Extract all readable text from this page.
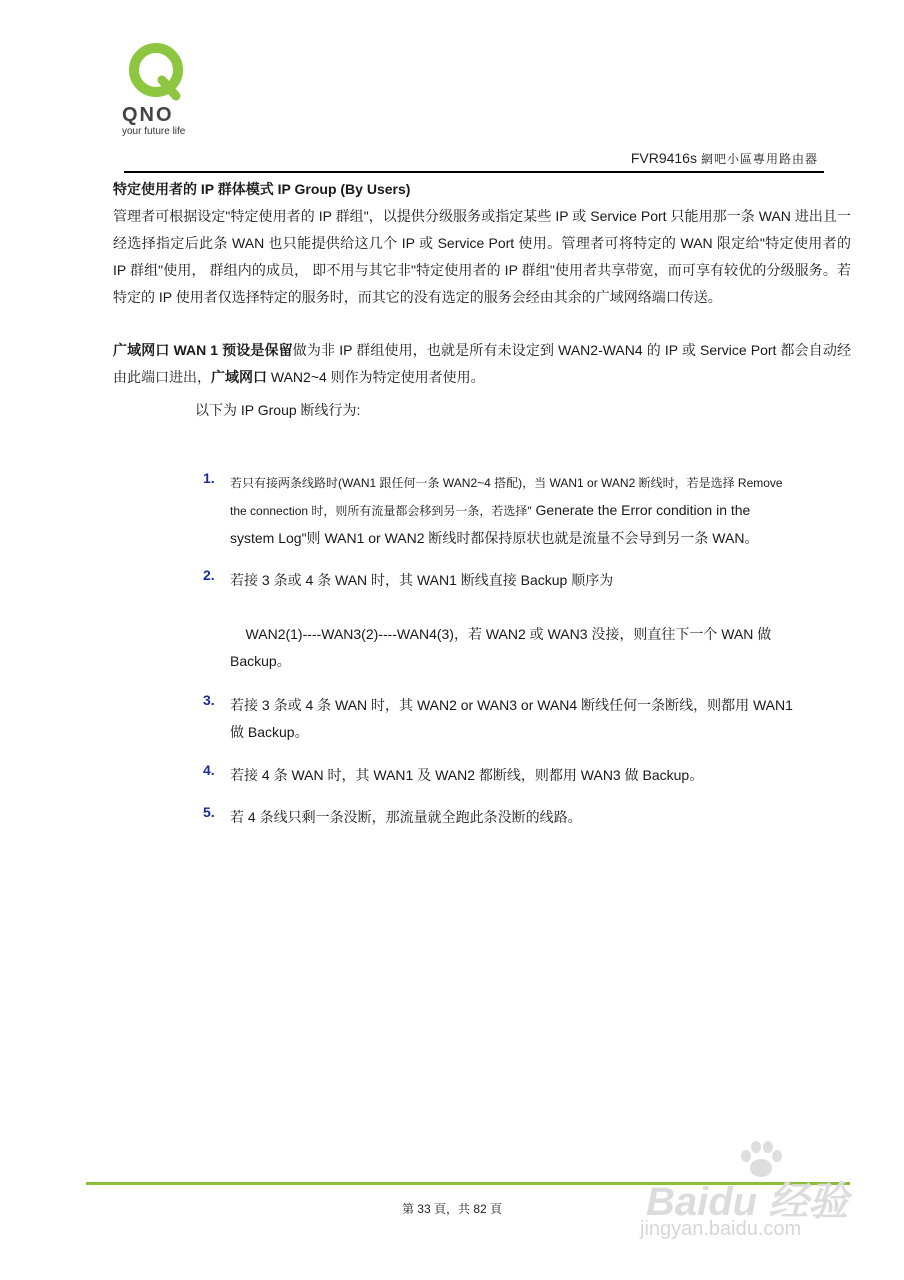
QNO
your future life
FVR9416s 網吧小區專用路由器

特定使用者的 IP 群体模式 IP Group (By Users)

管理者可根据设定"特定使用者的 IP 群组"，以提供分级服务或指定某些 IP 或 Service Port 只能用那一条 WAN 进出且一经选择指定后此条 WAN 也只能提供给这几个 IP 或 Service Port 使用。管理者可将特定的 WAN 限定给"特定使用者的 IP 群组"使用， 群组内的成员， 即不用与其它非"特定使用者的 IP 群组"使用者共享带宽，而可享有较优的分级服务。若特定的 IP 使用者仅选择特定的服务时，而其它的没有选定的服务会经由其余的广域网络端口传送。

广域网口 WAN 1 预设是保留做为非 IP 群组使用，也就是所有未设定到 WAN2-WAN4 的 IP 或 Service Port 都会自动经由此端口进出，广域网口 WAN2~4 则作为特定使用者使用。

以下为 IP Group 断线行为:

1. 若只有接两条线路时(WAN1 跟任何一条 WAN2~4 搭配)，当 WAN1 or WAN2 断线时，若是选择 Remove
the connection 时，则所有流量都会移到另一条，若选择" Generate the Error condition in the
system Log"则 WAN1 or WAN2 断线时都保持原状也就是流量不会导到另一条 WAN。
2. 若接 3 条或 4 条 WAN 时，其 WAN1 断线直接 Backup 顺序为
WAN2(1)----WAN3(2)----WAN4(3)，若 WAN2 或 WAN3 没接，则直往下一个 WAN 做
Backup。
3. 若接 3 条或 4 条 WAN 时，其 WAN2 or WAN3 or WAN4 断线任何一条断线，则都用 WAN1
做 Backup。
4. 若接 4 条 WAN 时，其 WAN1 及 WAN2 都断线，则都用 WAN3 做 Backup。
5. 若 4 条线只剩一条没断，那流量就全跑此条没断的线路。
第 33 頁，共 82 頁	Baidu 经验
jingyan.baidu.com
